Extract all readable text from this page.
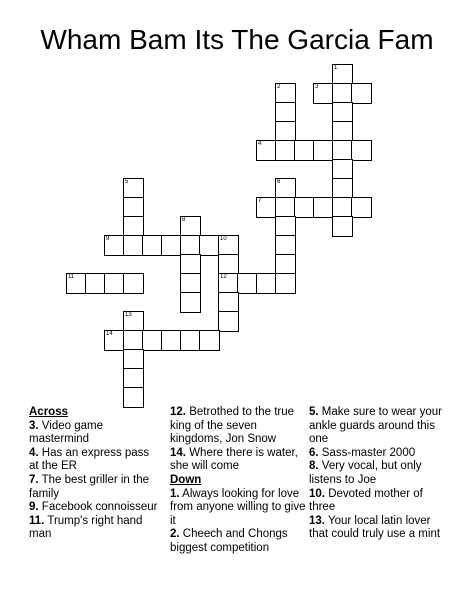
Wham Bam Its The Garcia Fam
1
2	3
4
5	6
7
8
9	10
11	12
13
14
Across
3. Video game mastermind
4. Has an express pass at the ER
7. The best griller in the family
9. Facebook connoisseur
11. Trump's right hand man
12. Betrothed to the true king of the seven kingdoms, Jon Snow
14. Where there is water, she will come
Down
1. Always looking for love from anyone willing to give it
2. Cheech and Chongs biggest competition
5. Make sure to wear your ankle guards around this one
6. Sass-master 2000
8. Very vocal, but only listens to Joe
10. Devoted mother of three
13. Your local latin lover that could truly use a mint
